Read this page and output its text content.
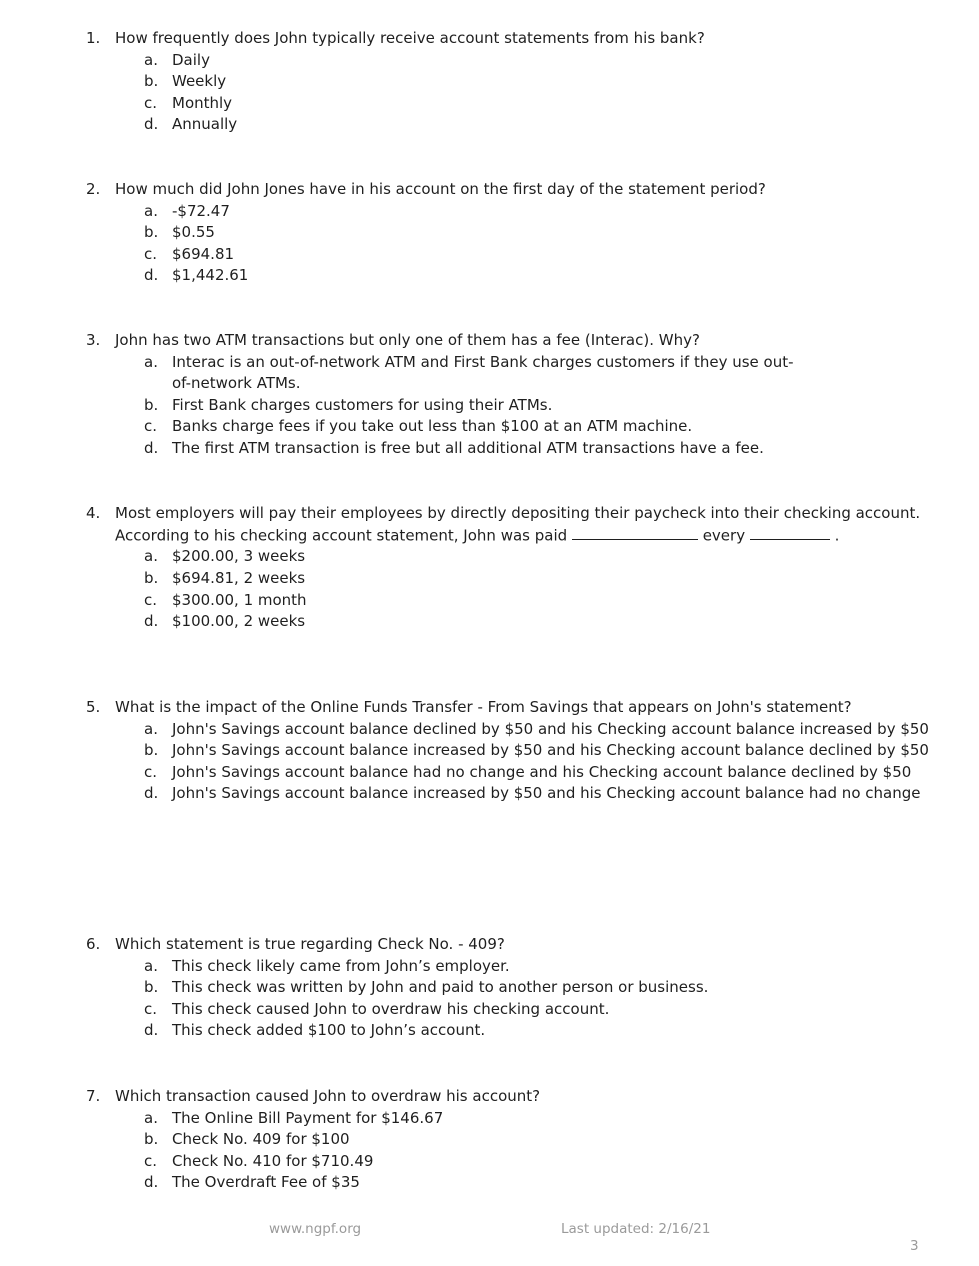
1. How frequently does John typically receive account statements from his bank?
a. Daily
b. Weekly
c. Monthly
d. Annually
2. How much did John Jones have in his account on the first day of the statement period?
a. -$72.47
b. $0.55
c. $694.81
d. $1,442.61
3. John has two ATM transactions but only one of them has a fee (Interac). Why?
a. Interac is an out-of-network ATM and First Bank charges customers if they use out-of-network ATMs.
b. First Bank charges customers for using their ATMs.
c. Banks charge fees if you take out less than $100 at an ATM machine.
d. The first ATM transaction is free but all additional ATM transactions have a fee.
4. Most employers will pay their employees by directly depositing their paycheck into their checking account. According to his checking account statement, John was paid	every	.
a. $200.00, 3 weeks
b. $694.81, 2 weeks
c. $300.00, 1 month
d. $100.00, 2 weeks
5. What is the impact of the Online Funds Transfer - From Savings that appears on John's statement?
a. John's Savings account balance declined by $50 and his Checking account balance increased by $50
b. John's Savings account balance increased by $50 and his Checking account balance declined by $50
c. John's Savings account balance had no change and his Checking account balance declined by $50
d. John's Savings account balance increased by $50 and his Checking account balance had no change
6. Which statement is true regarding Check No. - 409?
a. This check likely came from John’s employer.
b. This check was written by John and paid to another person or business.
c. This check caused John to overdraw his checking account.
d. This check added $100 to John’s account.
7. Which transaction caused John to overdraw his account?
a. The Online Bill Payment for $146.67
b. Check No. 409 for $100
c. Check No. 410 for $710.49
d. The Overdraft Fee of $35
www.ngpf.org	Last updated: 2/16/21
3
